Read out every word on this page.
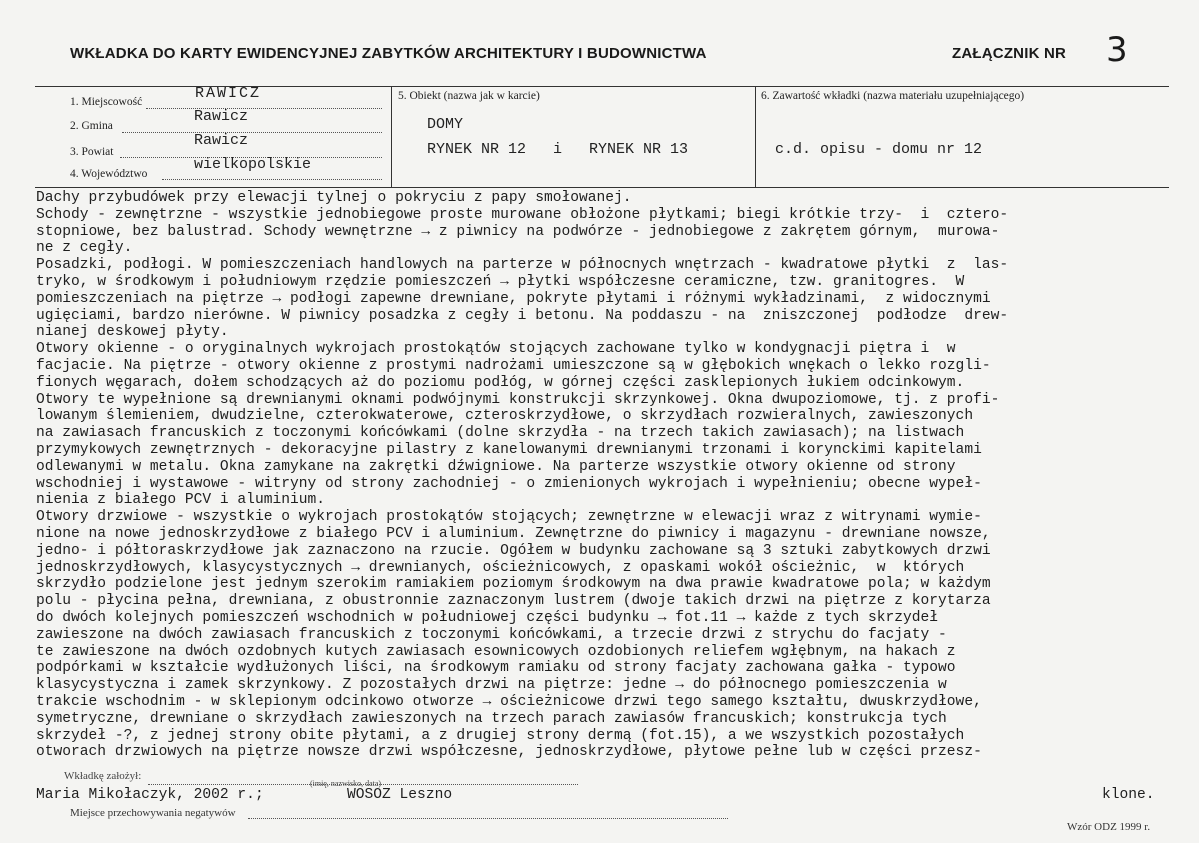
WKŁADKA DO KARTY EWIDENCYJNEJ ZABYTKÓW ARCHITEKTURY I BUDOWNICTWA	ZAŁĄCZNIK NR 3
1. Miejscowość	RAWICZ
2. Gmina
Rawicz
3. Powiat
Rawicz
4. Województwo
wielkopolskie
5. Obiekt (nazwa jak w karcie)
DOMY
RYNEK NR 12   i   RYNEK NR 13
6. Zawartość wkładki (nazwa materiału uzupełniającego)
c.d. opisu - domu nr 12
Dachy przybudówek przy elewacji tylnej o pokryciu z papy smołowanej.
Schody - zewnętrzne - wszystkie jednobiegowe proste murowane obłożone płytkami; biegi krótkie trzy-  i  cztero-
stopniowe, bez balustrad. Schody wewnętrzne → z piwnicy na podwórze - jednobiegowe z zakrętem górnym,  murowa-
ne z cegły.
Posadzki, podłogi. W pomieszczeniach handlowych na parterze w północnych wnętrzach - kwadratowe płytki  z  las-
tryko, w środkowym i południowym rzędzie pomieszczeń → płytki współczesne ceramiczne, tzw. granitogres.  W
pomieszczeniach na piętrze → podłogi zapewne drewniane, pokryte płytami i różnymi wykładzinami,  z widocznymi
ugięciami, bardzo nierówne. W piwnicy posadzka z cegły i betonu. Na poddaszu - na  zniszczonej  podłodze  drew-
nianej deskowej płyty.
Otwory okienne - o oryginalnych wykrojach prostokątów stojących zachowane tylko w kondygnacji piętra i  w
facjacie. Na piętrze - otwory okienne z prostymi nadrożami umieszczone są w głębokich wnękach o lekko rozgli-
fionych węgarach, dołem schodzących aż do poziomu podłóg, w górnej części zasklepionych łukiem odcinkowym.
Otwory te wypełnione są drewnianymi oknami podwójnymi konstrukcji skrzynkowej. Okna dwupoziomowe, tj. z profi-
lowanym ślemieniem, dwudzielne, czterokwaterowe, czteroskrzydłowe, o skrzydłach rozwieralnych, zawieszonych
na zawiasach francuskich z toczonymi końcówkami (dolne skrzydła - na trzech takich zawiasach); na listwach
przymykowych zewnętrznych - dekoracyjne pilastry z kanelowanymi drewnianymi trzonami i korynckimi kapitelami
odlewanymi w metalu. Okna zamykane na zakrętki dźwigniowe. Na parterze wszystkie otwory okienne od strony
wschodniej i wystawowe - witryny od strony zachodniej - o zmienionych wykrojach i wypełnieniu; obecne wypeł-
nienia z białego PCV i aluminium.
Otwory drzwiowe - wszystkie o wykrojach prostokątów stojących; zewnętrzne w elewacji wraz z witrynami wymie-
nione na nowe jednoskrzydłowe z białego PCV i aluminium. Zewnętrzne do piwnicy i magazynu - drewniane nowsze,
jedno- i półtoraskrzydłowe jak zaznaczono na rzucie. Ogółem w budynku zachowane są 3 sztuki zabytkowych drzwi
jednoskrzydłowych, klasycystycznych → drewnianych, ościeżnicowych, z opaskami wokół ościeżnic,  w  których
skrzydło podzielone jest jednym szerokim ramiakiem poziomym środkowym na dwa prawie kwadratowe pola; w każdym
polu - płycina pełna, drewniana, z obustronnie zaznaczonym lustrem (dwoje takich drzwi na piętrze z korytarza
do dwóch kolejnych pomieszczeń wschodnich w południowej części budynku → fot.11 → każde z tych skrzydeł
zawieszone na dwóch zawiasach francuskich z toczonymi końcówkami, a trzecie drzwi z strychu do facjaty -
te zawieszone na dwóch ozdobnych kutych zawiasach esownicowych ozdobionych reliefem wgłębnym, na hakach z
podpórkami w kształcie wydłużonych liści, na środkowym ramiaku od strony facjaty zachowana gałka - typowo
klasycystyczna i zamek skrzynkowy. Z pozostałych drzwi na piętrze: jedne → do północnego pomieszczenia w
trakcie wschodnim - w sklepionym odcinkowo otworze → ościeżnicowe drzwi tego samego kształtu, dwuskrzydłowe,
symetryczne, drewniane o skrzydłach zawieszonych na trzech parach zawiasów francuskich; konstrukcja tych
skrzydeł -?, z jednej strony obite płytami, a z drugiej strony dermą (fot.15), a we wszystkich pozostałych
otworach drzwiowych na piętrze nowsze drzwi współczesne, jednoskrzydłowe, płytowe pełne lub w części przesz-
Wkładkę założył:
(imię, nazwisko, data)
Maria Mikołaczyk, 2002 r.;	WOSOZ Leszno	klone.
Miejsce przechowywania negatywów
Wzór ODZ 1999 r.
